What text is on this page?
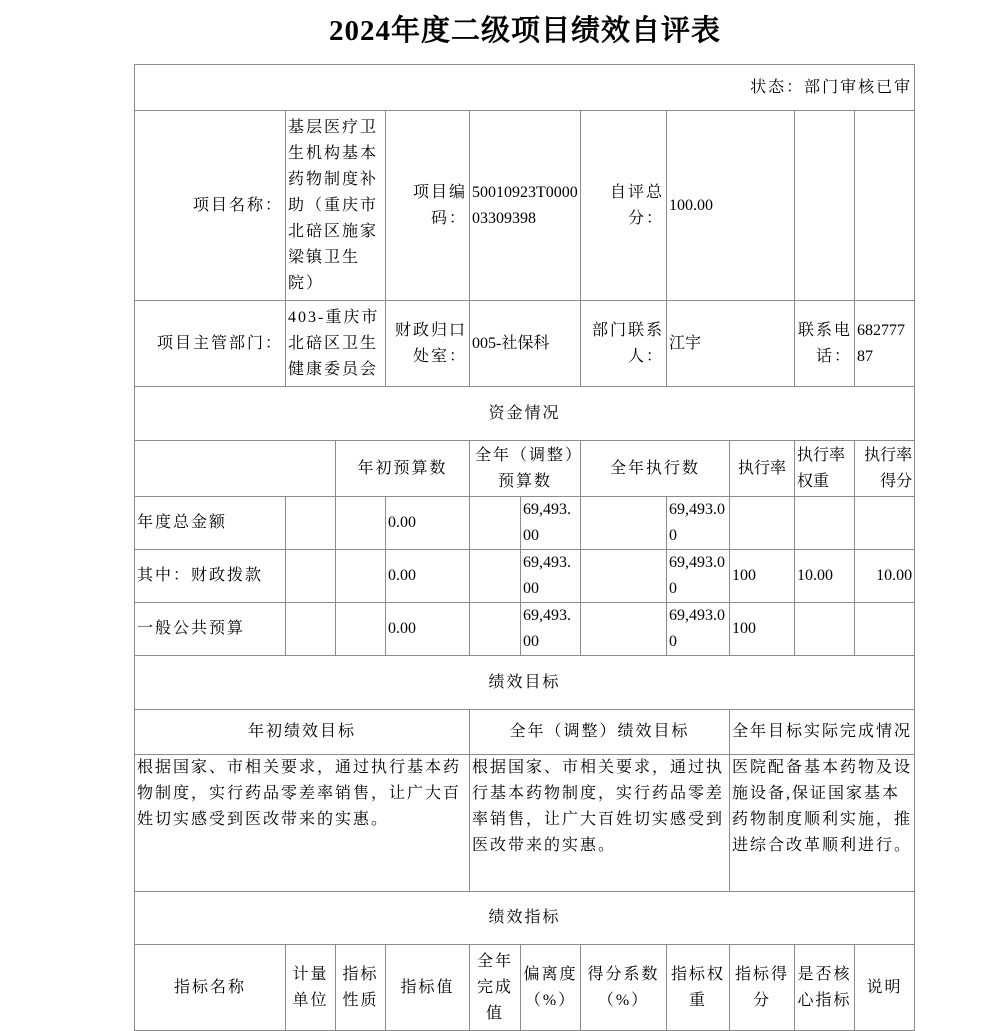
2024年度二级项目绩效自评表
状态：部门审核已审										
项目名称：	基层医疗卫生机构基本药物制度补助（重庆市北碚区施家梁镇卫生院）		项目编码：	50010923T000003309398		自评总分：	100.00			
项目主管部门：	403-重庆市北碚区卫生健康委员会		财政归口处室：	005-社保科		部门联系人：	江宇		联系电话：	68277787
资金情况										
		年初预算数		全年（调整）预算数		全年执行数		执行率	执行率权重	执行率得分
年度总金额			0.00		69,493.00		69,493.00			
其中：财政拨款			0.00		69,493.00		69,493.00	100	10.00	10.00
一般公共预算			0.00		69,493.00		69,493.00	100		
绩效目标										
年初绩效目标				全年（调整）绩效目标				全年目标实际完成情况		
根据国家、市相关要求，通过执行基本药物制度，实行药品零差率销售，让广大百姓切实感受到医改带来的实惠。				根据国家、市相关要求，通过执行基本药物制度，实行药品零差率销售，让广大百姓切实感受到医改带来的实惠。				医院配备基本药物及设施设备,保证国家基本药物制度顺利实施，推进综合改革顺利进行。		
绩效指标										
指标名称	计量单位	指标性质	指标值	全年完成值	偏离度（%）	得分系数（%）	指标权重	指标得分	是否核心指标	说明
